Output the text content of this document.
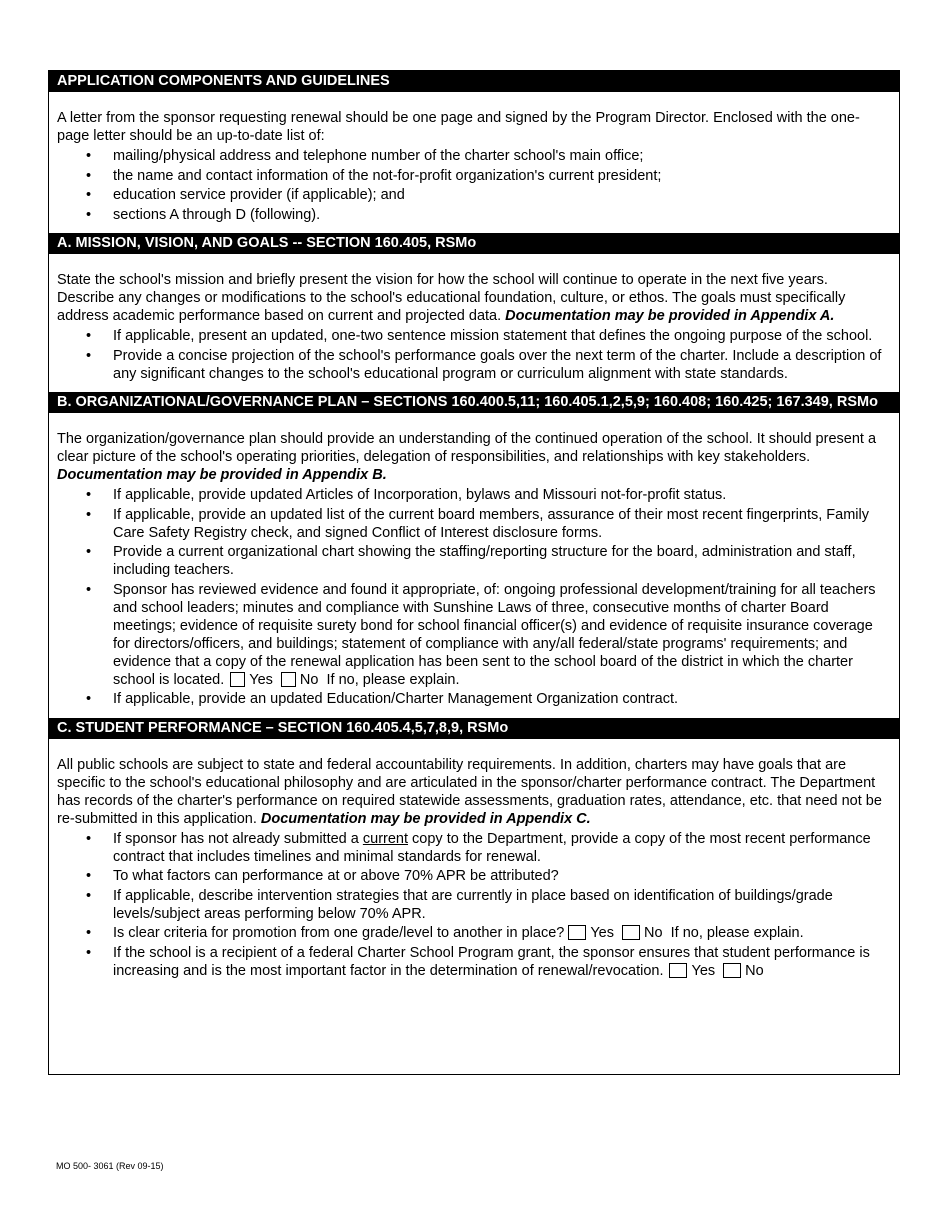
APPLICATION COMPONENTS AND GUIDELINES

A letter from the sponsor requesting renewal should be one page and signed by the Program Director. Enclosed with the one-page letter should be an up-to-date list of:

• mailing/physical address and telephone number of the charter school's main office;
• the name and contact information of the not-for-profit organization's current president;
• education service provider (if applicable); and
• sections A through D (following).
A. MISSION, VISION, AND GOALS -- SECTION 160.405, RSMo

State the school's mission and briefly present the vision for how the school will continue to operate in the next five years. Describe any changes or modifications to the school's educational foundation, culture, or ethos. The goals must specifically address academic performance based on current and projected data. Documentation may be provided in Appendix A.

• If applicable, present an updated, one-two sentence mission statement that defines the ongoing purpose of the school.
• Provide a concise projection of the school's performance goals over the next term of the charter. Include a description of any significant changes to the school's educational program or curriculum alignment with state standards.
B. ORGANIZATIONAL/GOVERNANCE PLAN – SECTIONS 160.400.5,11; 160.405.1,2,5,9; 160.408; 160.425; 167.349, RSMo

The organization/governance plan should provide an understanding of the continued operation of the school. It should present a clear picture of the school's operating priorities, delegation of responsibilities, and relationships with key stakeholders. Documentation may be provided in Appendix B.

• If applicable, provide updated Articles of Incorporation, bylaws and Missouri not-for-profit status.
• If applicable, provide an updated list of the current board members, assurance of their most recent fingerprints, Family Care Safety Registry check, and signed Conflict of Interest disclosure forms.
• Provide a current organizational chart showing the staffing/reporting structure for the board, administration and staff, including teachers.
• Sponsor has reviewed evidence and found it appropriate, of: ongoing professional development/training for all teachers and school leaders; minutes and compliance with Sunshine Laws of three, consecutive months of charter Board meetings; evidence of requisite surety bond for school financial officer(s) and evidence of requisite insurance coverage for directors/officers, and buildings; statement of compliance with any/all federal/state programs' requirements; and evidence that a copy of the renewal application has been sent to the school board of the district in which the charter school is located. Yes No If no, please explain.
• If applicable, provide an updated Education/Charter Management Organization contract.
C. STUDENT PERFORMANCE – SECTION 160.405.4,5,7,8,9, RSMo

All public schools are subject to state and federal accountability requirements. In addition, charters may have goals that are specific to the school's educational philosophy and are articulated in the sponsor/charter performance contract. The Department has records of the charter's performance on required statewide assessments, graduation rates, attendance, etc. that need not be re-submitted in this application. Documentation may be provided in Appendix C.

• If sponsor has not already submitted a current copy to the Department, provide a copy of the most recent performance contract that includes timelines and minimal standards for renewal.
• To what factors can performance at or above 70% APR be attributed?
• If applicable, describe intervention strategies that are currently in place based on identification of buildings/grade levels/subject areas performing below 70% APR.
• Is clear criteria for promotion from one grade/level to another in place? Yes No If no, please explain.
• If the school is a recipient of a federal Charter School Program grant, the sponsor ensures that student performance is increasing and is the most important factor in the determination of renewal/revocation. Yes No
MO 500- 3061 (Rev 09-15)
